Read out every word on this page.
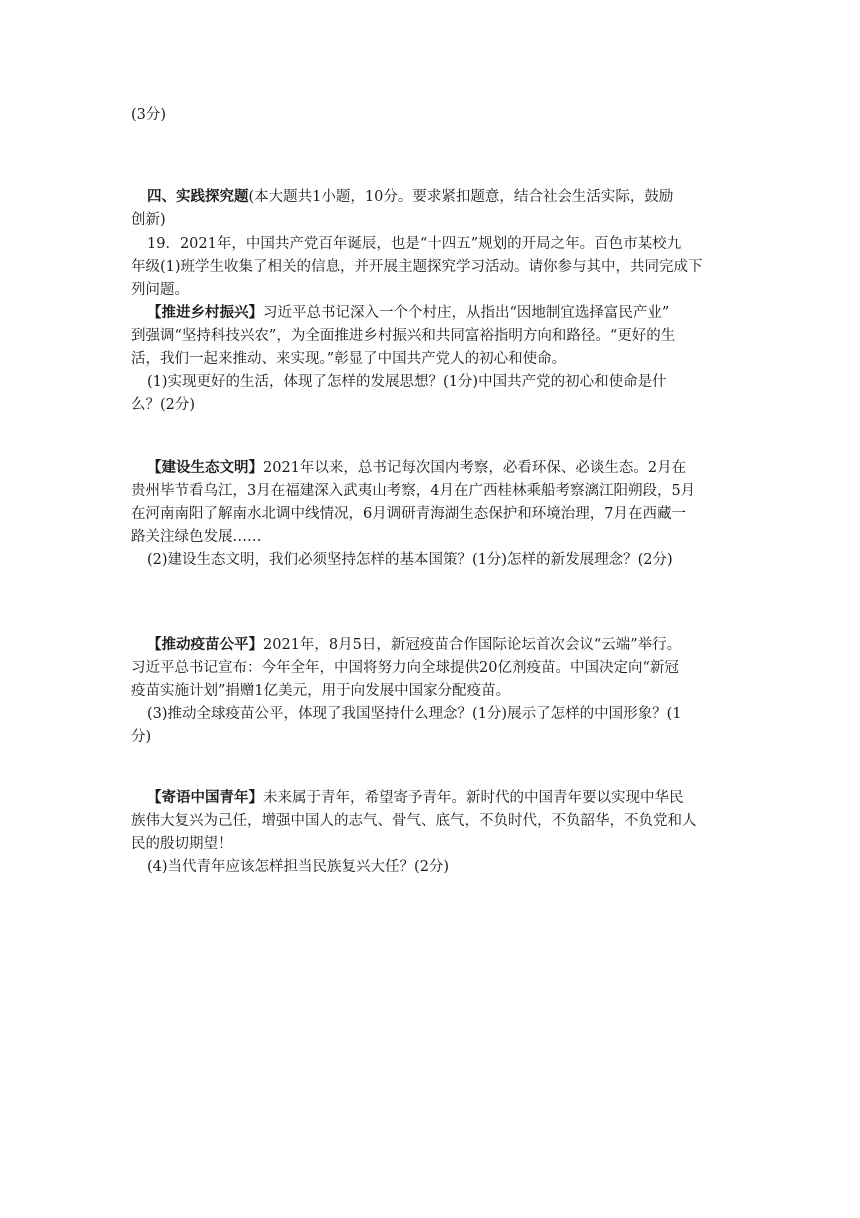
(3分)
四、实践探究题(本大题共1小题，10分。要求紧扣题意，结合社会生活实际，鼓励
创新)
19．2021年，中国共产党百年诞辰，也是“十四五”规划的开局之年。百色市某校九
年级(1)班学生收集了相关的信息，并开展主题探究学习活动。请你参与其中，共同完成下
列问题。
【推进乡村振兴】习近平总书记深入一个个村庄，从指出“因地制宜选择富民产业”
到强调“坚持科技兴农”，为全面推进乡村振兴和共同富裕指明方向和路径。“更好的生
活，我们一起来推动、来实现。”彰显了中国共产党人的初心和使命。
(1)实现更好的生活，体现了怎样的发展思想？(1分)中国共产党的初心和使命是什
么？(2分)
【建设生态文明】2021年以来，总书记每次国内考察，必看环保、必谈生态。2月在
贵州毕节看乌江，3月在福建深入武夷山考察，4月在广西桂林乘船考察漓江阳朔段，5月
在河南南阳了解南水北调中线情况，6月调研青海湖生态保护和环境治理，7月在西藏一
路关注绿色发展……
(2)建设生态文明，我们必须坚持怎样的基本国策？(1分)怎样的新发展理念？(2分)
【推动疫苗公平】2021年，8月5日，新冠疫苗合作国际论坛首次会议“云端”举行。
习近平总书记宣布：今年全年，中国将努力向全球提供20亿剂疫苗。中国决定向“新冠
疫苗实施计划”捐赠1亿美元，用于向发展中国家分配疫苗。
(3)推动全球疫苗公平，体现了我国坚持什么理念？(1分)展示了怎样的中国形象？(1
分)
【寄语中国青年】未来属于青年，希望寄予青年。新时代的中国青年要以实现中华民
族伟大复兴为己任，增强中国人的志气、骨气、底气，不负时代，不负韶华，不负党和人
民的殷切期望！
(4)当代青年应该怎样担当民族复兴大任？(2分)
